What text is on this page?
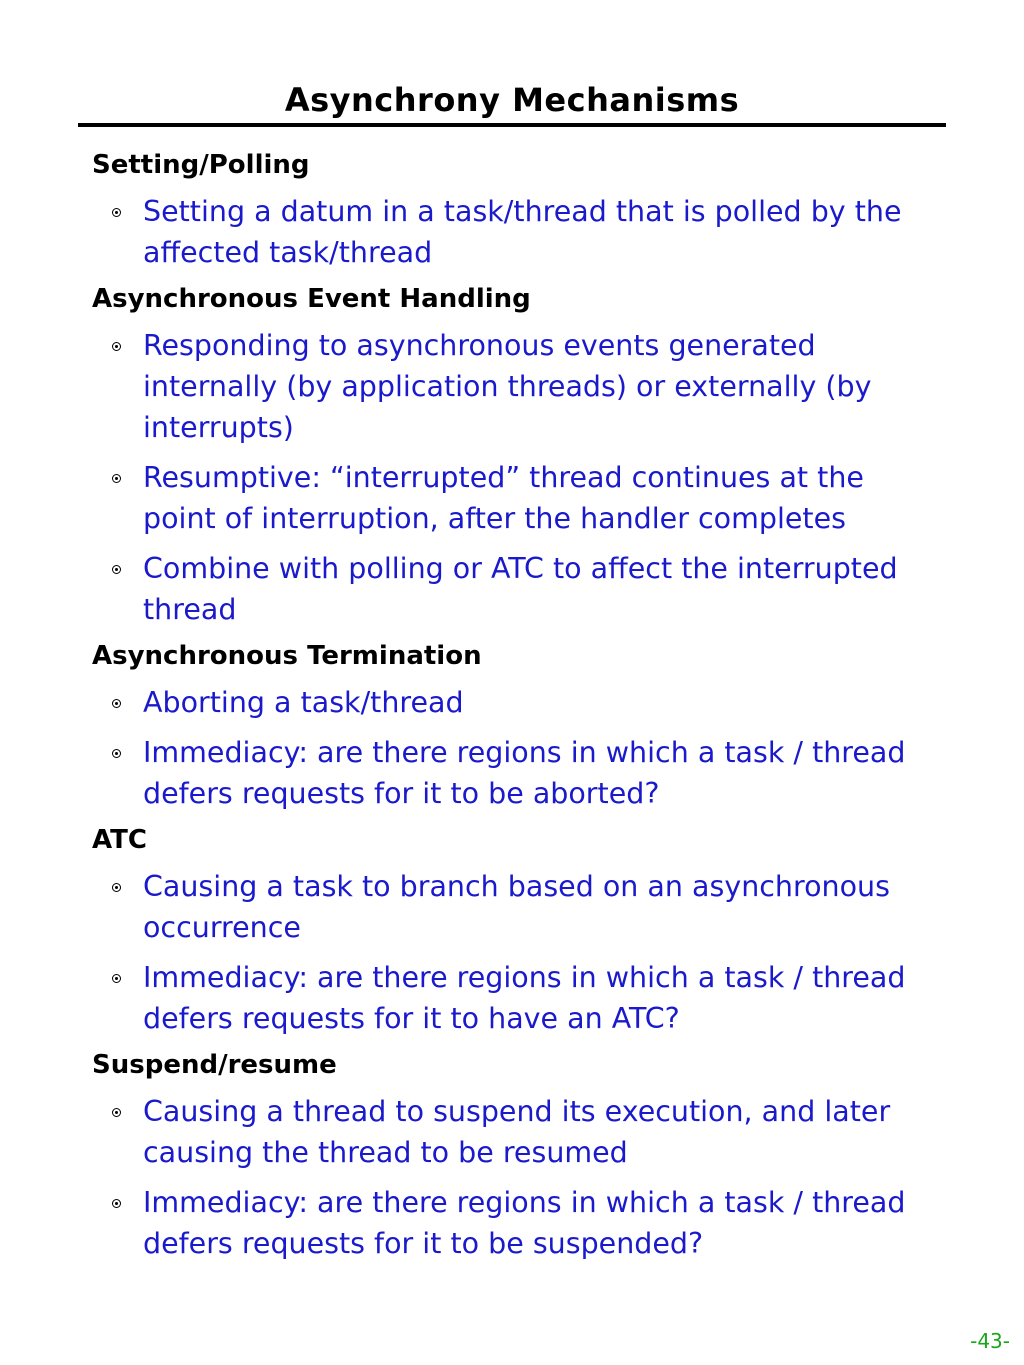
Asynchrony Mechanisms

Setting/Polling

Setting a datum in a task/thread that is polled by the affected task/thread

Asynchronous Event Handling

Responding to asynchronous events generated internally (by application threads) or externally (by interrupts)
Resumptive: “interrupted” thread continues at the point of interruption, after the handler completes
Combine with polling or ATC to affect the interrupted thread

Asynchronous Termination

Aborting a task/thread
Immediacy: are there regions in which a task / thread defers requests for it to be aborted?

ATC

Causing a task to branch based on an asynchronous occurrence
Immediacy: are there regions in which a task / thread defers requests for it to have an ATC?

Suspend/resume

Causing a thread to suspend its execution, and later causing the thread to be resumed
Immediacy: are there regions in which a task / thread defers requests for it to be suspended?
-43-
